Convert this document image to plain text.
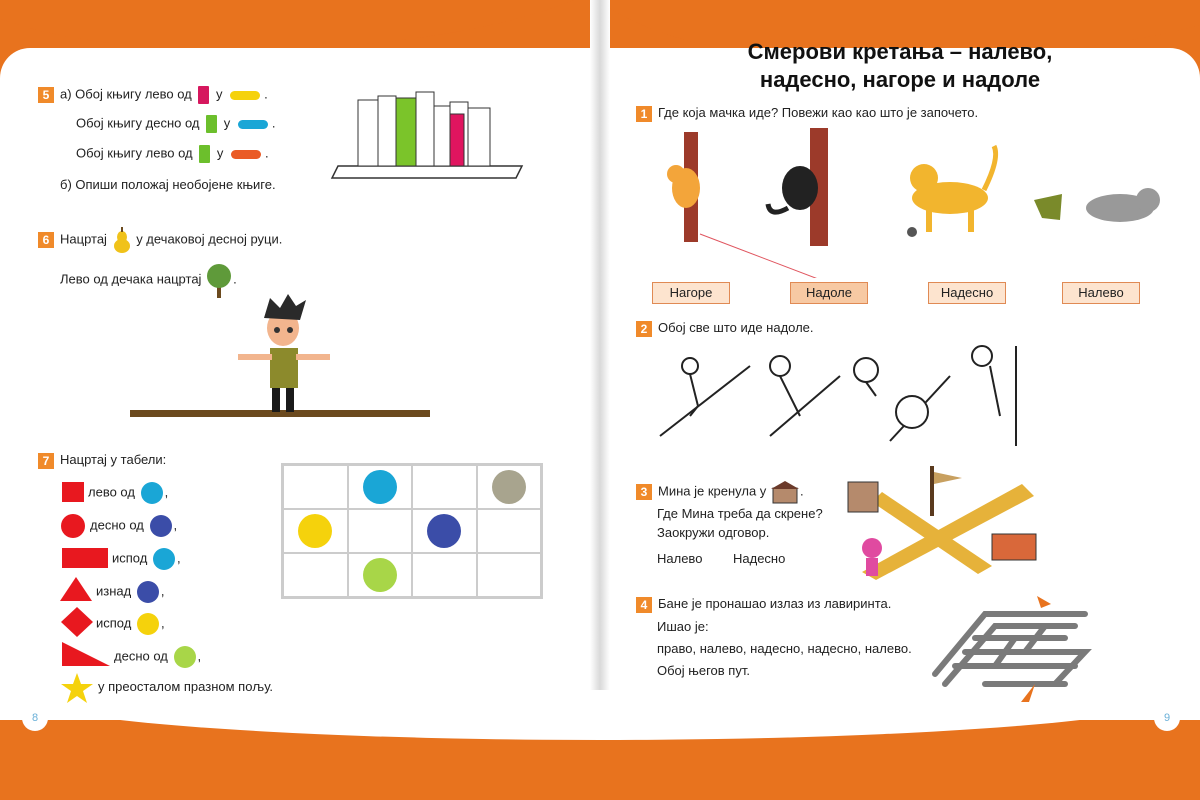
8	9
5 а) Обој књигу лево од у	.
Обој књигу десно од у	.
Обој књигу лево од у	.
б) Опиши положај необојене књиге.
6 Нацртај у дечаковој десној руци.
Лево од дечака нацртај .
7 Нацртај у табели:
лево од ,
десно од ,
испод ,
изнад ,
испод ,
десно од ,
у преосталом празном пољу.
Смерови кретања – налево,
надесно, нагоре и надоле
1 Где која мачка иде? Повежи као као што је започето.
Нагоре	Надоле	Надесно	Налево
2 Обој све што иде надоле.
3 Мина је кренула у	.
Где Мина треба да скрене?
Заокружи одговор.
Налево Надесно
4 Бане је пронашао излаз из лавиринта.
Ишао је:
право, налево, надесно, надесно, налево.
Обој његов пут.
